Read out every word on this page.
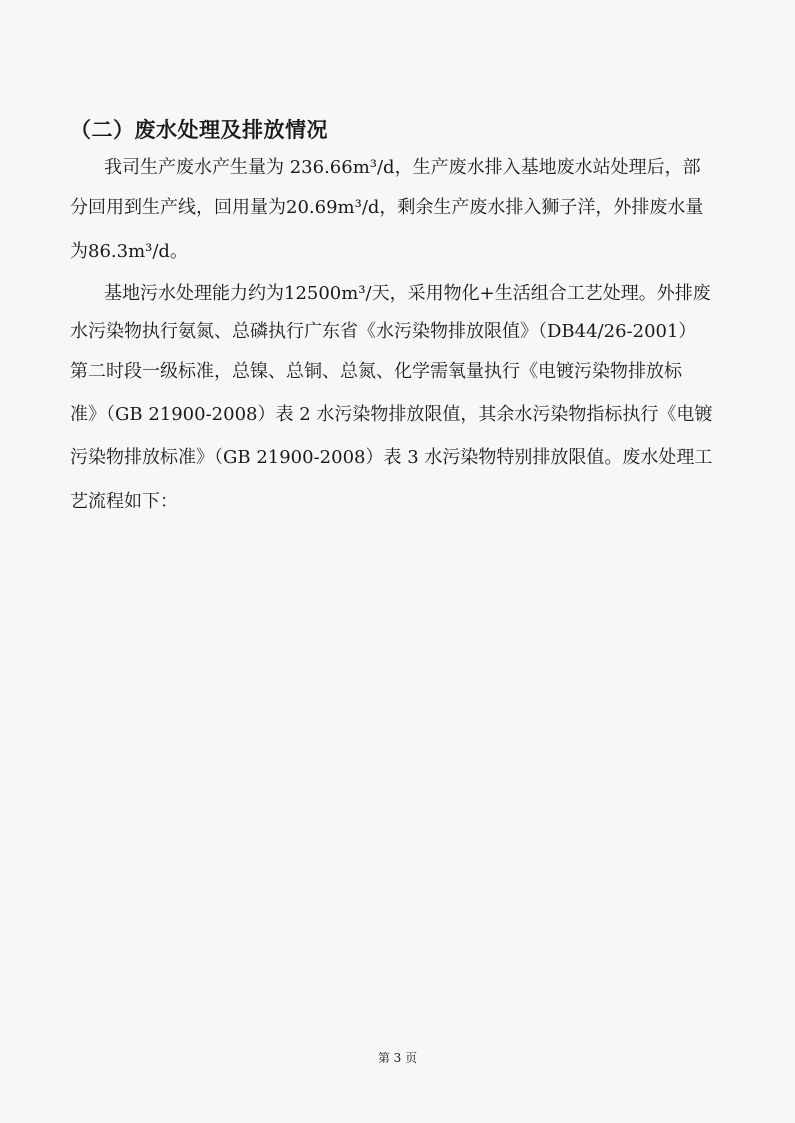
（二）废水处理及排放情况
我司生产废水产生量为 236.66m³/d，生产废水排入基地废水站处理后，部
分回用到生产线，回用量为20.69m³/d，剩余生产废水排入狮子洋，外排废水量
为86.3m³/d。
基地污水处理能力约为12500m³/天，采用物化+生活组合工艺处理。外排废
水污染物执行氨氮、总磷执行广东省《水污染物排放限值》（DB44/26-2001）
第二时段一级标准，总镍、总铜、总氮、化学需氧量执行《电镀污染物排放标
准》（GB 21900-2008）表 2 水污染物排放限值，其余水污染物指标执行《电镀
污染物排放标准》（GB 21900-2008）表 3 水污染物特别排放限值。废水处理工
艺流程如下：
第 3 页
